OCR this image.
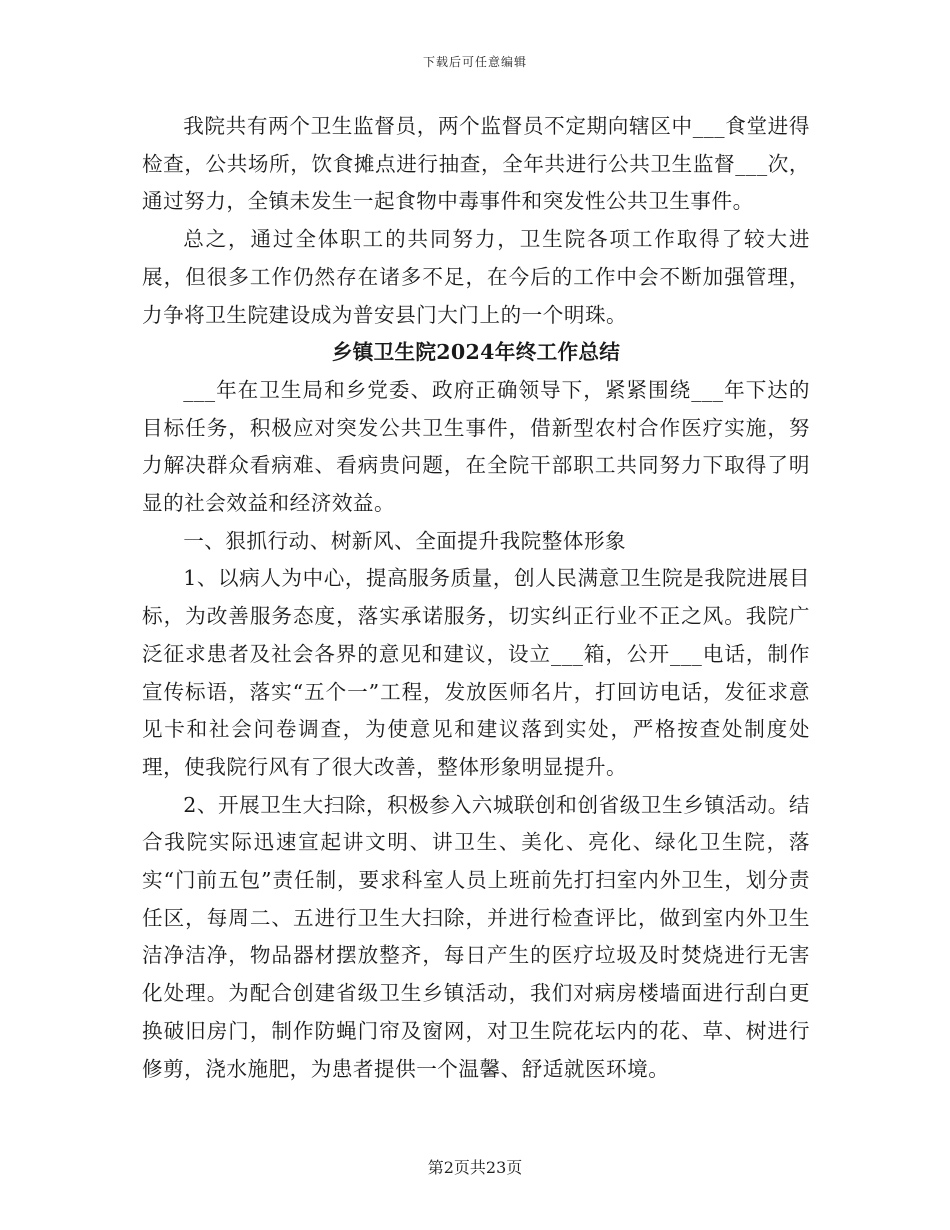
下载后可任意编辑

我院共有两个卫生监督员，两个监督员不定期向辖区中___食堂进得检查，公共场所，饮食摊点进行抽查，全年共进行公共卫生监督___次，通过努力，全镇未发生一起食物中毒事件和突发性公共卫生事件。

总之，通过全体职工的共同努力，卫生院各项工作取得了较大进展，但很多工作仍然存在诸多不足，在今后的工作中会不断加强管理，力争将卫生院建设成为普安县门大门上的一个明珠。

乡镇卫生院2024年终工作总结

___年在卫生局和乡党委、政府正确领导下，紧紧围绕___年下达的目标任务，积极应对突发公共卫生事件，借新型农村合作医疗实施，努力解决群众看病难、看病贵问题，在全院干部职工共同努力下取得了明显的社会效益和经济效益。

一、狠抓行动、树新风、全面提升我院整体形象

1、以病人为中心，提高服务质量，创人民满意卫生院是我院进展目标，为改善服务态度，落实承诺服务，切实纠正行业不正之风。我院广泛征求患者及社会各界的意见和建议，设立___箱，公开___电话，制作宣传标语，落实“五个一”工程，发放医师名片，打回访电话，发征求意见卡和社会问卷调查，为使意见和建议落到实处，严格按查处制度处理，使我院行风有了很大改善，整体形象明显提升。

2、开展卫生大扫除，积极参入六城联创和创省级卫生乡镇活动。结合我院实际迅速宣起讲文明、讲卫生、美化、亮化、绿化卫生院，落实“门前五包”责任制，要求科室人员上班前先打扫室内外卫生，划分责任区，每周二、五进行卫生大扫除，并进行检查评比，做到室内外卫生洁净洁净，物品器材摆放整齐，每日产生的医疗垃圾及时焚烧进行无害化处理。为配合创建省级卫生乡镇活动，我们对病房楼墙面进行刮白更换破旧房门，制作防蝇门帘及窗网，对卫生院花坛内的花、草、树进行修剪，浇水施肥，为患者提供一个温馨、舒适就医环境。

第2页共23页
